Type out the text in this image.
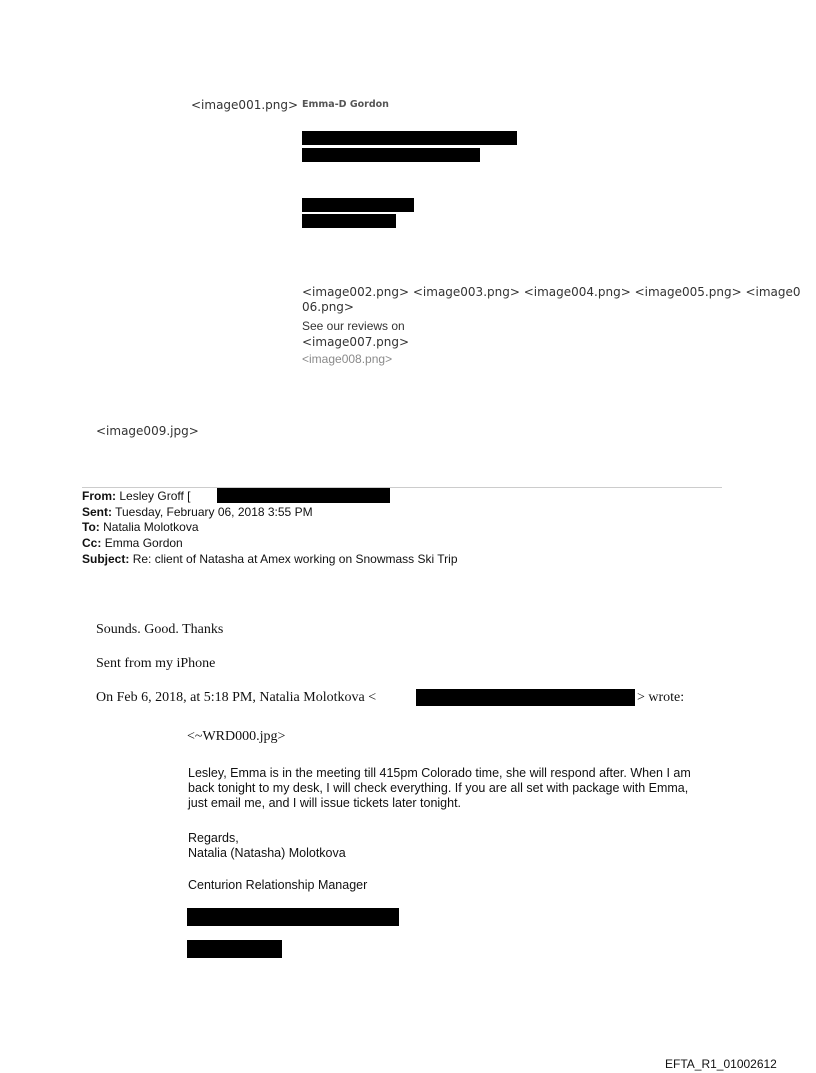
<image001.png> Emma-D Gordon
<image002.png> <image003.png> <image004.png> <image005.png> <image006.png>
See our reviews on
<image007.png>
<image008.png>
<image009.jpg>
From: Lesley Groff [
Sent: Tuesday, February 06, 2018 3:55 PM
To: Natalia Molotkova
Cc: Emma Gordon
Subject: Re: client of Natasha at Amex working on Snowmass Ski Trip
Sounds. Good. Thanks
Sent from my iPhone
On Feb 6, 2018, at 5:18 PM, Natalia Molotkova <	> wrote:
<~WRD000.jpg>
Lesley, Emma is in the meeting till 415pm Colorado time, she will respond after. When I am back tonight to my desk, I will check everything. If you are all set with package with Emma, just email me, and I will issue tickets later tonight.
Regards,
Natalia (Natasha) Molotkova
Centurion Relationship Manager
EFTA_R1_01002612
